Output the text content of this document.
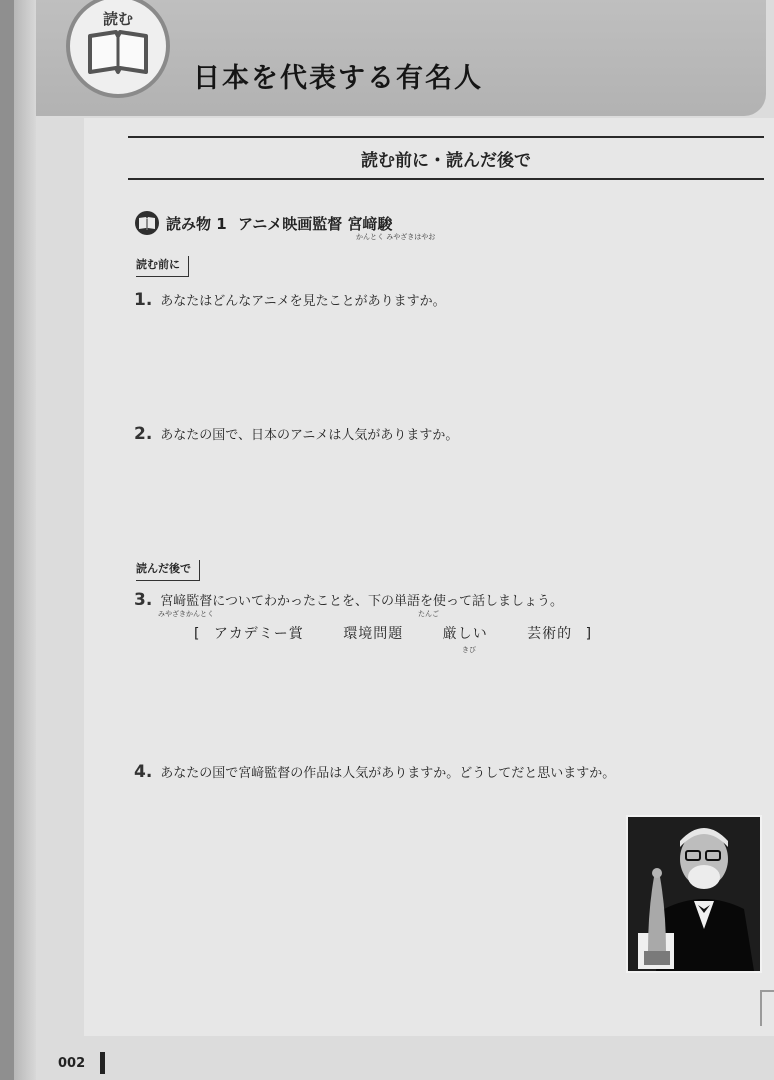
読む
日本を代表する有名人
読む前に・読んだ後で
読み物 1 アニメ映画監督 宮﨑駿
かんとく みやざきはやお
読む前に
1. あなたはどんなアニメを見たことがありますか。
2. あなたの国で、日本のアニメは人気がありますか。
読んだ後で
3. 宮﨑監督についてわかったことを、下の単語を使って話しましょう。
みやざきかんとく	たんご
[ アカデミー賞	環境問題	厳しい	芸術的 ]
きび
4. あなたの国で宮﨑監督の作品は人気がありますか。どうしてだと思いますか。
002
